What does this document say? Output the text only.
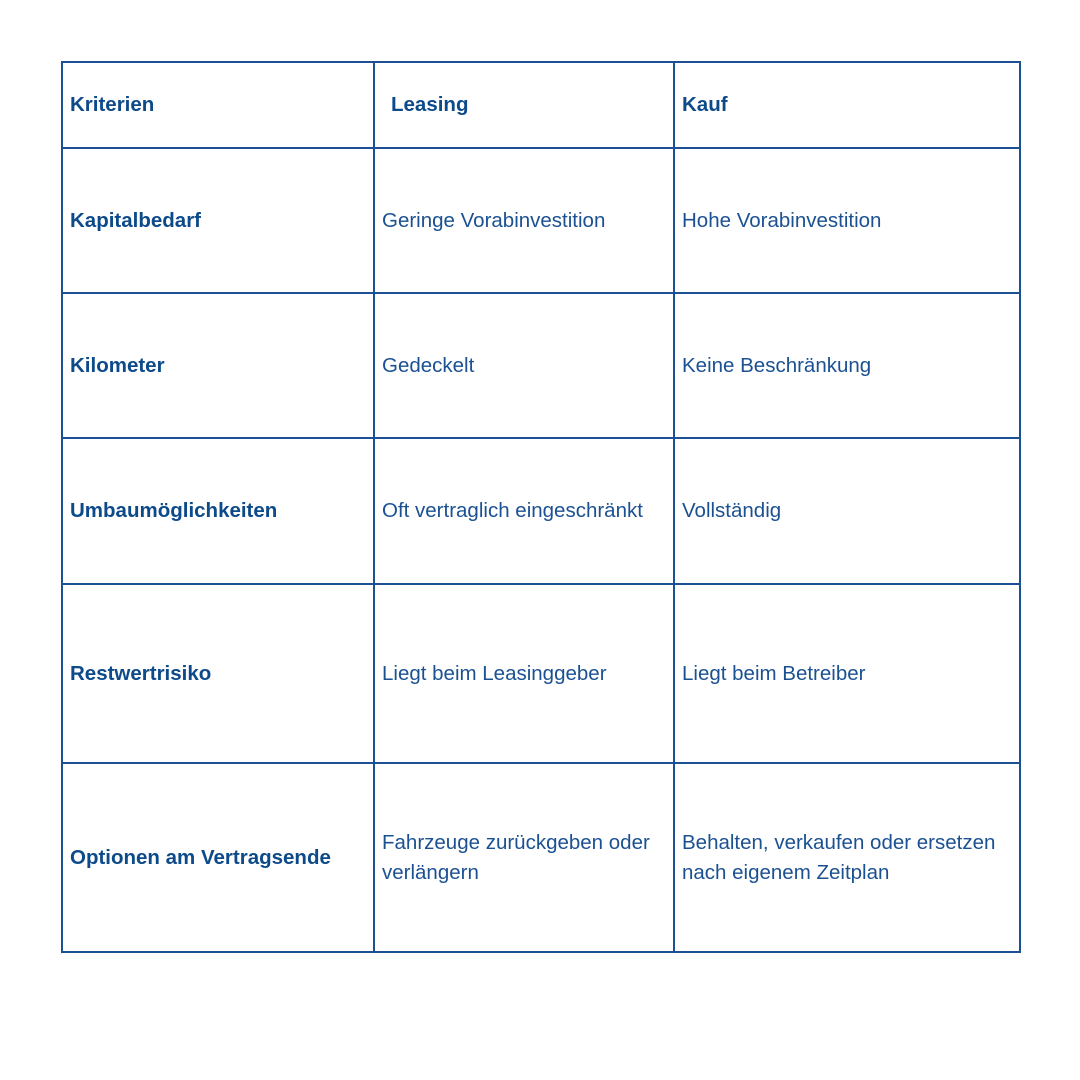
Kriterien	Leasing	Kauf
Kapitalbedarf	Geringe Vorabinvestition	Hohe Vorabinvestition
Kilometer	Gedeckelt	Keine Beschränkung
Umbaumöglichkeiten	Oft vertraglich eingeschränkt	Vollständig
Restwertrisiko	Liegt beim Leasinggeber	Liegt beim Betreiber
Optionen am Vertragsende	Fahrzeuge zurückgeben oder verlängern	Behalten, verkaufen oder ersetzen nach eigenem Zeitplan
